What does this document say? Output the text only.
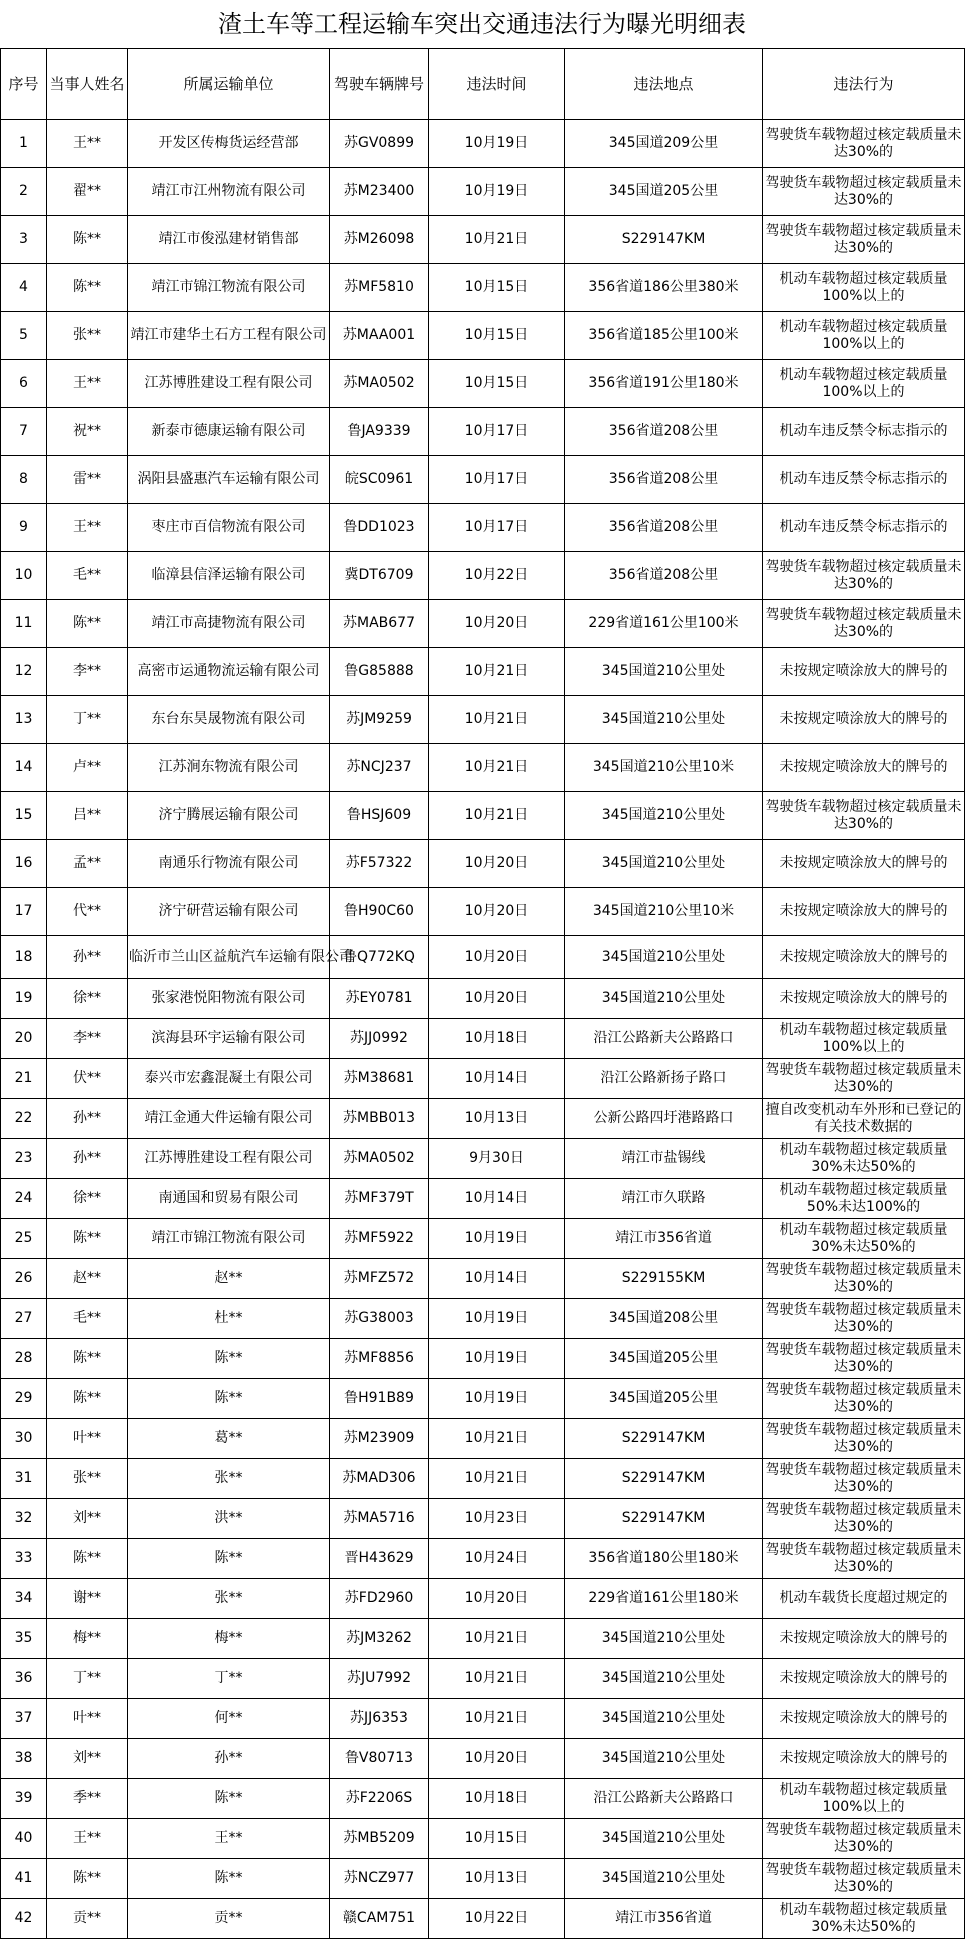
渣土车等工程运输车突出交通违法行为曝光明细表
序号	当事人姓名	所属运输单位	驾驶车辆牌号	违法时间	违法地点	违法行为
1	王**	开发区传梅货运经营部	苏GV0899	10月19日	345国道209公里	驾驶货车载物超过核定载质量未达30%的
2	翟**	靖江市江州物流有限公司	苏M23400	10月19日	345国道205公里	驾驶货车载物超过核定载质量未达30%的
3	陈**	靖江市俊泓建材销售部	苏M26098	10月21日	S229147KM	驾驶货车载物超过核定载质量未达30%的
4	陈**	靖江市锦江物流有限公司	苏MF5810	10月15日	356省道186公里380米	机动车载物超过核定载质量100%以上的
5	张**	靖江市建华土石方工程有限公司	苏MAA001	10月15日	356省道185公里100米	机动车载物超过核定载质量100%以上的
6	王**	江苏博胜建设工程有限公司	苏MA0502	10月15日	356省道191公里180米	机动车载物超过核定载质量100%以上的
7	祝**	新泰市德康运输有限公司	鲁JA9339	10月17日	356省道208公里	机动车违反禁令标志指示的
8	雷**	涡阳县盛惠汽车运输有限公司	皖SC0961	10月17日	356省道208公里	机动车违反禁令标志指示的
9	王**	枣庄市百信物流有限公司	鲁DD1023	10月17日	356省道208公里	机动车违反禁令标志指示的
10	毛**	临漳县信泽运输有限公司	冀DT6709	10月22日	356省道208公里	驾驶货车载物超过核定载质量未达30%的
11	陈**	靖江市高捷物流有限公司	苏MAB677	10月20日	229省道161公里100米	驾驶货车载物超过核定载质量未达30%的
12	李**	高密市运通物流运输有限公司	鲁G85888	10月21日	345国道210公里处	未按规定喷涂放大的牌号的
13	丁**	东台东昊晟物流有限公司	苏JM9259	10月21日	345国道210公里处	未按规定喷涂放大的牌号的
14	卢**	江苏涧东物流有限公司	苏NCJ237	10月21日	345国道210公里10米	未按规定喷涂放大的牌号的
15	吕**	济宁腾展运输有限公司	鲁HSJ609	10月21日	345国道210公里处	驾驶货车载物超过核定载质量未达30%的
16	孟**	南通乐行物流有限公司	苏F57322	10月20日	345国道210公里处	未按规定喷涂放大的牌号的
17	代**	济宁研营运输有限公司	鲁H90C60	10月20日	345国道210公里10米	未按规定喷涂放大的牌号的
18	孙**	临沂市兰山区益航汽车运输有限公司	鲁Q772KQ	10月20日	345国道210公里处	未按规定喷涂放大的牌号的
19	徐**	张家港悦阳物流有限公司	苏EY0781	10月20日	345国道210公里处	未按规定喷涂放大的牌号的
20	李**	滨海县环宇运输有限公司	苏JJ0992	10月18日	沿江公路新夫公路路口	机动车载物超过核定载质量100%以上的
21	伏**	泰兴市宏鑫混凝土有限公司	苏M38681	10月14日	沿江公路新扬子路口	驾驶货车载物超过核定载质量未达30%的
22	孙**	靖江金通大件运输有限公司	苏MBB013	10月13日	公新公路四圩港路路口	擅自改变机动车外形和已登记的有关技术数据的
23	孙**	江苏博胜建设工程有限公司	苏MA0502	9月30日	靖江市盐锡线	机动车载物超过核定载质量30%未达50%的
24	徐**	南通国和贸易有限公司	苏MF379T	10月14日	靖江市久联路	机动车载物超过核定载质量50%未达100%的
25	陈**	靖江市锦江物流有限公司	苏MF5922	10月19日	靖江市356省道	机动车载物超过核定载质量30%未达50%的
26	赵**	赵**	苏MFZ572	10月14日	S229155KM	驾驶货车载物超过核定载质量未达30%的
27	毛**	杜**	苏G38003	10月19日	345国道208公里	驾驶货车载物超过核定载质量未达30%的
28	陈**	陈**	苏MF8856	10月19日	345国道205公里	驾驶货车载物超过核定载质量未达30%的
29	陈**	陈**	鲁H91B89	10月19日	345国道205公里	驾驶货车载物超过核定载质量未达30%的
30	叶**	葛**	苏M23909	10月21日	S229147KM	驾驶货车载物超过核定载质量未达30%的
31	张**	张**	苏MAD306	10月21日	S229147KM	驾驶货车载物超过核定载质量未达30%的
32	刘**	洪**	苏MA5716	10月23日	S229147KM	驾驶货车载物超过核定载质量未达30%的
33	陈**	陈**	晋H43629	10月24日	356省道180公里180米	驾驶货车载物超过核定载质量未达30%的
34	谢**	张**	苏FD2960	10月20日	229省道161公里180米	机动车载货长度超过规定的
35	梅**	梅**	苏JM3262	10月21日	345国道210公里处	未按规定喷涂放大的牌号的
36	丁**	丁**	苏JU7992	10月21日	345国道210公里处	未按规定喷涂放大的牌号的
37	叶**	何**	苏JJ6353	10月21日	345国道210公里处	未按规定喷涂放大的牌号的
38	刘**	孙**	鲁V80713	10月20日	345国道210公里处	未按规定喷涂放大的牌号的
39	季**	陈**	苏F2206S	10月18日	沿江公路新夫公路路口	机动车载物超过核定载质量100%以上的
40	王**	王**	苏MB5209	10月15日	345国道210公里处	驾驶货车载物超过核定载质量未达30%的
41	陈**	陈**	苏NCZ977	10月13日	345国道210公里处	驾驶货车载物超过核定载质量未达30%的
42	贡**	贡**	赣CAM751	10月22日	靖江市356省道	机动车载物超过核定载质量30%未达50%的
